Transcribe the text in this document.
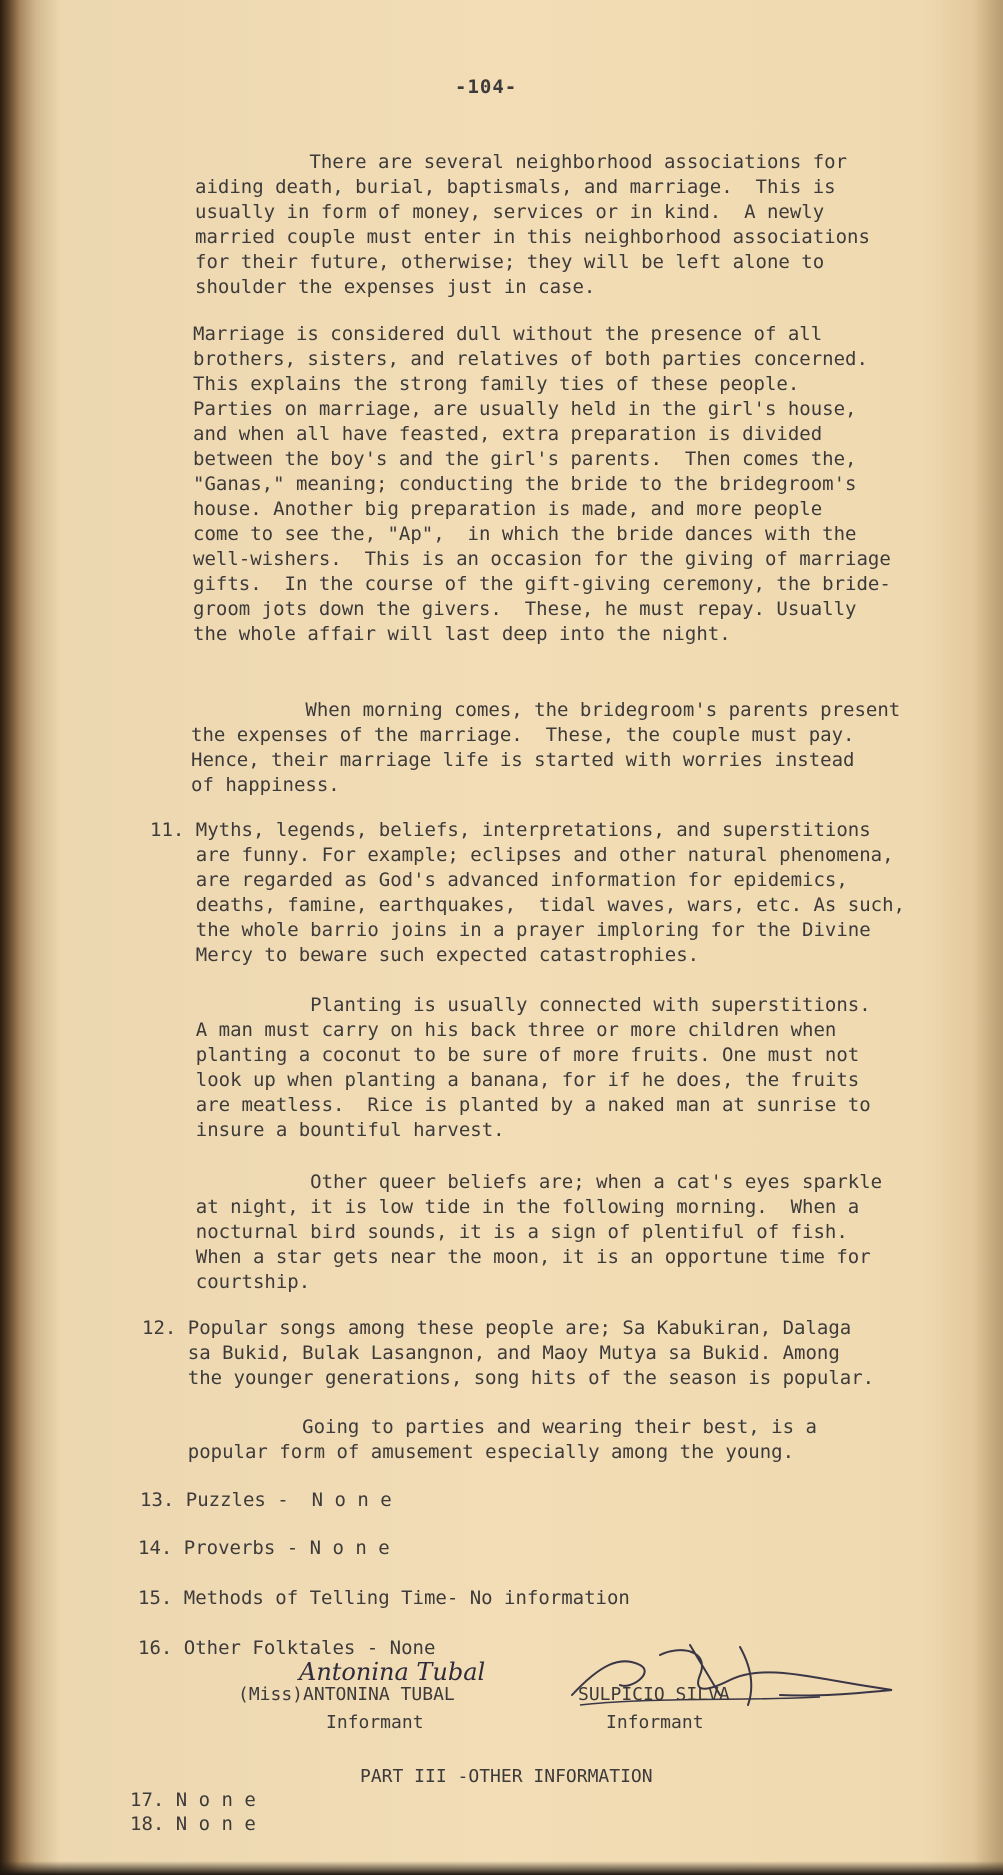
-104-
There are several neighborhood associations for
aiding death, burial, baptismals, and marriage.  This is
usually in form of money, services or in kind.  A newly
married couple must enter in this neighborhood associations
for their future, otherwise; they will be left alone to
shoulder the expenses just in case.
Marriage is considered dull without the presence of all
brothers, sisters, and relatives of both parties concerned.
This explains the strong family ties of these people.
Parties on marriage, are usually held in the girl's house,
and when all have feasted, extra preparation is divided
between the boy's and the girl's parents.  Then comes the,
"Ganas," meaning; conducting the bride to the bridegroom's
house. Another big preparation is made, and more people
come to see the, "Ap",  in which the bride dances with the
well-wishers.  This is an occasion for the giving of marriage
gifts.  In the course of the gift-giving ceremony, the bride-
groom jots down the givers.  These, he must repay. Usually
the whole affair will last deep into the night.
When morning comes, the bridegroom's parents present
the expenses of the marriage.  These, the couple must pay.
Hence, their marriage life is started with worries instead
of happiness.
11. Myths, legends, beliefs, interpretations, and superstitions
are funny. For example; eclipses and other natural phenomena,
are regarded as God's advanced information for epidemics,
deaths, famine, earthquakes,  tidal waves, wars, etc. As such,
the whole barrio joins in a prayer imploring for the Divine
Mercy to beware such expected catastrophies.
Planting is usually connected with superstitions.
A man must carry on his back three or more children when
planting a coconut to be sure of more fruits. One must not
look up when planting a banana, for if he does, the fruits
are meatless.  Rice is planted by a naked man at sunrise to
insure a bountiful harvest.
Other queer beliefs are; when a cat's eyes sparkle
at night, it is low tide in the following morning.  When a
nocturnal bird sounds, it is a sign of plentiful of fish.
When a star gets near the moon, it is an opportune time for
courtship.
12. Popular songs among these people are; Sa Kabukiran, Dalaga
sa Bukid, Bulak Lasangnon, and Maoy Mutya sa Bukid. Among
the younger generations, song hits of the season is popular.
Going to parties and wearing their best, is a
popular form of amusement especially among the young.
13. Puzzles -  N o n e
14. Proverbs - N o n e
15. Methods of Telling Time- No information
16. Other Folktales - None
Antonina Tubal
(Miss)ANTONINA TUBAL
Informant
SULPICIO SILVA
Informant
PART III -OTHER INFORMATION
17. N o n e
18. N o n e
